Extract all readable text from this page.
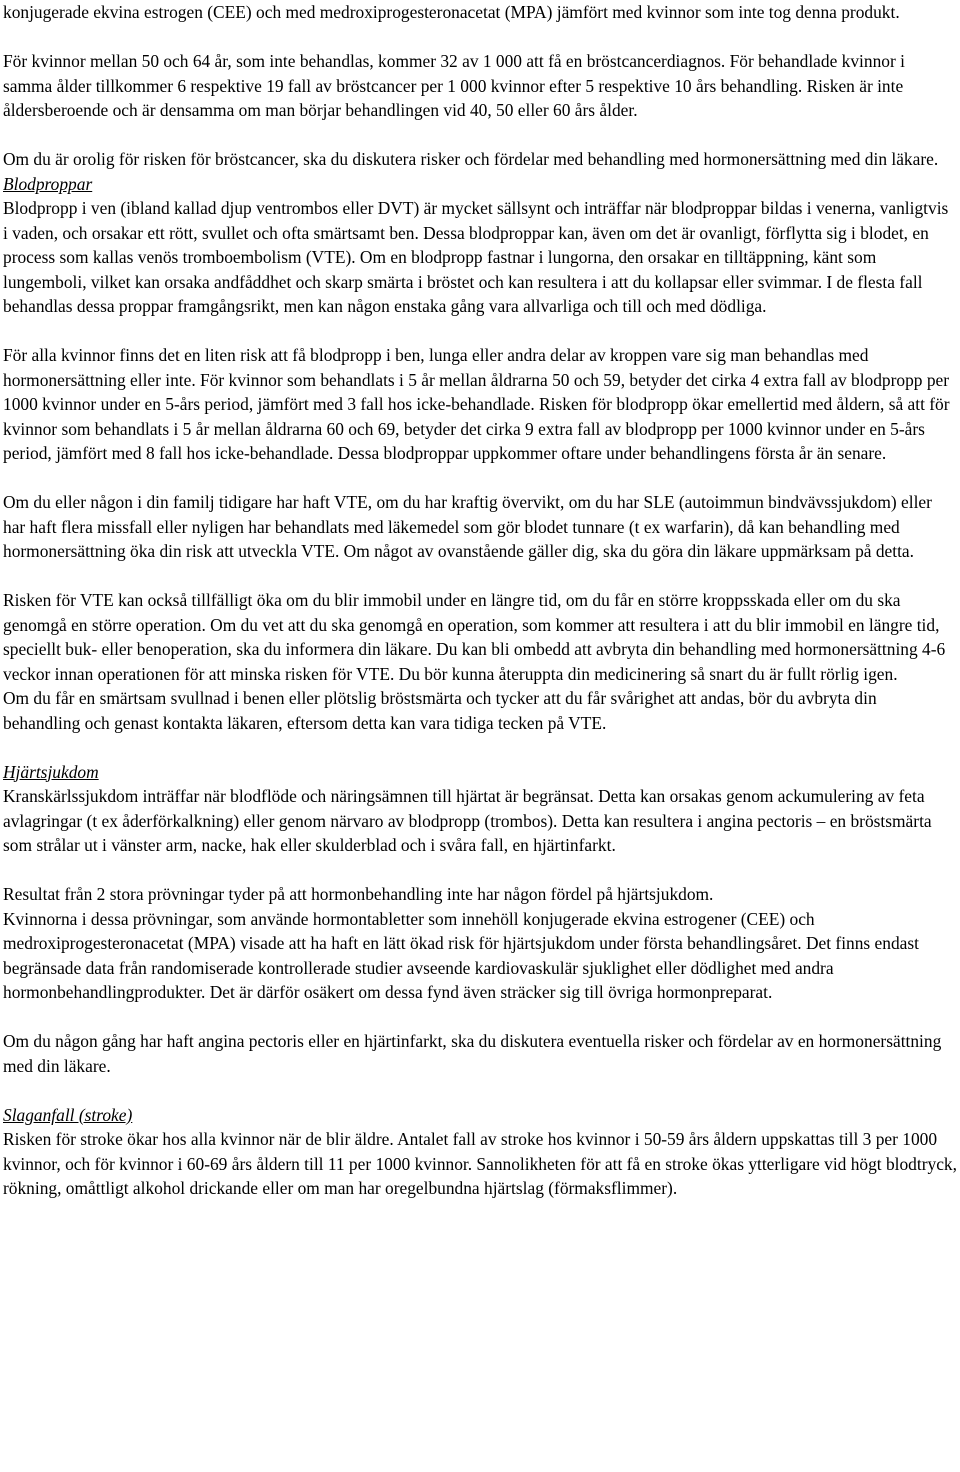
konjugerade ekvina estrogen (CEE) och med medroxiprogesteronacetat (MPA) jämfört med kvinnor som inte tog denna produkt.

För kvinnor mellan 50 och 64 år, som inte behandlas, kommer 32 av 1 000 att få en bröstcancerdiagnos. För behandlade kvinnor i samma ålder tillkommer 6 respektive 19 fall av bröstcancer per 1 000 kvinnor efter 5 respektive 10 års behandling. Risken är inte åldersberoende och är densamma om man börjar behandlingen vid 40, 50 eller 60 års ålder.

Om du är orolig för risken för bröstcancer, ska du diskutera risker och fördelar med behandling med hormonersättning med din läkare.

Blodproppar

Blodpropp i ven (ibland kallad djup ventrombos eller DVT) är mycket sällsynt och inträffar när blodproppar bildas i venerna, vanligtvis i vaden, och orsakar ett rött, svullet och ofta smärtsamt ben. Dessa blodproppar kan, även om det är ovanligt, förflytta sig i blodet, en process som kallas venös tromboembolism (VTE). Om en blodpropp fastnar i lungorna, den orsakar en tilltäppning, känt som lungemboli, vilket kan orsaka andfåddhet och skarp smärta i bröstet och kan resultera i att du kollapsar eller svimmar. I de flesta fall behandlas dessa proppar framgångsrikt, men kan någon enstaka gång vara allvarliga och till och med dödliga.

För alla kvinnor finns det en liten risk att få blodpropp i ben, lunga eller andra delar av kroppen vare sig man behandlas med hormonersättning eller inte. För kvinnor som behandlats i 5 år mellan åldrarna 50 och 59, betyder det cirka 4 extra fall av blodpropp per 1000 kvinnor under en 5-års period, jämfört med 3 fall hos icke-behandlade. Risken för blodpropp ökar emellertid med åldern, så att för kvinnor som behandlats i 5 år mellan åldrarna 60 och 69, betyder det cirka 9 extra fall av blodpropp per 1000 kvinnor under en 5-års period, jämfört med 8 fall hos icke-behandlade. Dessa blodproppar uppkommer oftare under behandlingens första år än senare.

Om du eller någon i din familj tidigare har haft VTE, om du har kraftig övervikt, om du har SLE (autoimmun bindvävssjukdom) eller har haft flera missfall eller nyligen har behandlats med läkemedel som gör blodet tunnare (t ex warfarin), då kan behandling med hormonersättning öka din risk att utveckla VTE. Om något av ovanstående gäller dig, ska du göra din läkare uppmärksam på detta.

Risken för VTE kan också tillfälligt öka om du blir immobil under en längre tid, om du får en större kroppsskada eller om du ska genomgå en större operation. Om du vet att du ska genomgå en operation, som kommer att resultera i att du blir immobil en längre tid, speciellt buk- eller benoperation, ska du informera din läkare. Du kan bli ombedd att avbryta din behandling med hormonersättning 4-6 veckor innan operationen för att minska risken för VTE. Du bör kunna återuppta din medicinering så snart du är fullt rörlig igen.

Om du får en smärtsam svullnad i benen eller plötslig bröstsmärta och tycker att du får svårighet att andas, bör du avbryta din behandling och genast kontakta läkaren, eftersom detta kan vara tidiga tecken på VTE.

Hjärtsjukdom

Kranskärlssjukdom inträffar när blodflöde och näringsämnen till hjärtat är begränsat. Detta kan orsakas genom ackumulering av feta avlagringar (t ex åderförkalkning) eller genom närvaro av blodpropp (trombos). Detta kan resultera i angina pectoris – en bröstsmärta som strålar ut i vänster arm, nacke, hak eller skulderblad och i svåra fall, en hjärtinfarkt.

Resultat från 2 stora prövningar tyder på att hormonbehandling inte har någon fördel på hjärtsjukdom.

Kvinnorna i dessa prövningar, som använde hormontabletter som innehöll konjugerade ekvina estrogener (CEE) och medroxiprogesteronacetat (MPA) visade att ha haft en lätt ökad risk för hjärtsjukdom under första behandlingsåret. Det finns endast begränsade data från randomiserade kontrollerade studier avseende kardiovaskulär sjuklighet eller dödlighet med andra hormonbehandlingprodukter. Det är därför osäkert om dessa fynd även sträcker sig till övriga hormonpreparat.

Om du någon gång har haft angina pectoris eller en hjärtinfarkt, ska du diskutera eventuella risker och fördelar av en hormonersättning med din läkare.

Slaganfall (stroke)

Risken för stroke ökar hos alla kvinnor när de blir äldre. Antalet fall av stroke hos kvinnor i 50-59 års åldern uppskattas till 3 per 1000 kvinnor, och för kvinnor i 60-69 års åldern till 11 per 1000 kvinnor. Sannolikheten för att få en stroke ökas ytterligare vid högt blodtryck, rökning, omåttligt alkohol drickande eller om man har oregelbundna hjärtslag (förmaksflimmer).
